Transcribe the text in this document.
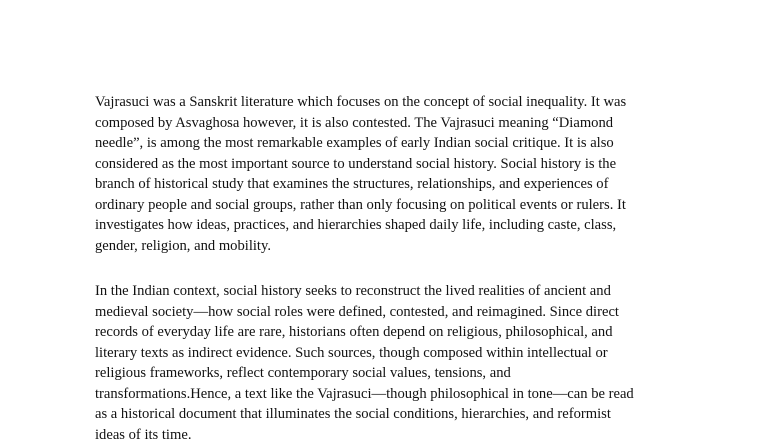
Vajrasuci was a Sanskrit literature which focuses on the concept of social inequality. It was
composed by Asvaghosa however, it is also contested. The Vajrasuci meaning “Diamond
needle”, is among the most remarkable examples of early Indian social critique. It is also
considered as the most important source to understand social history. Social history is the
branch of historical study that examines the structures, relationships, and experiences of
ordinary people and social groups, rather than only focusing on political events or rulers. It
investigates how ideas, practices, and hierarchies shaped daily life, including caste, class,
gender, religion, and mobility.

In the Indian context, social history seeks to reconstruct the lived realities of ancient and
medieval society—how social roles were defined, contested, and reimagined. Since direct
records of everyday life are rare, historians often depend on religious, philosophical, and
literary texts as indirect evidence. Such sources, though composed within intellectual or
religious frameworks, reflect contemporary social values, tensions, and
transformations.Hence, a text like the Vajrasuci—though philosophical in tone—can be read
as a historical document that illuminates the social conditions, hierarchies, and reformist
ideas of its time.
